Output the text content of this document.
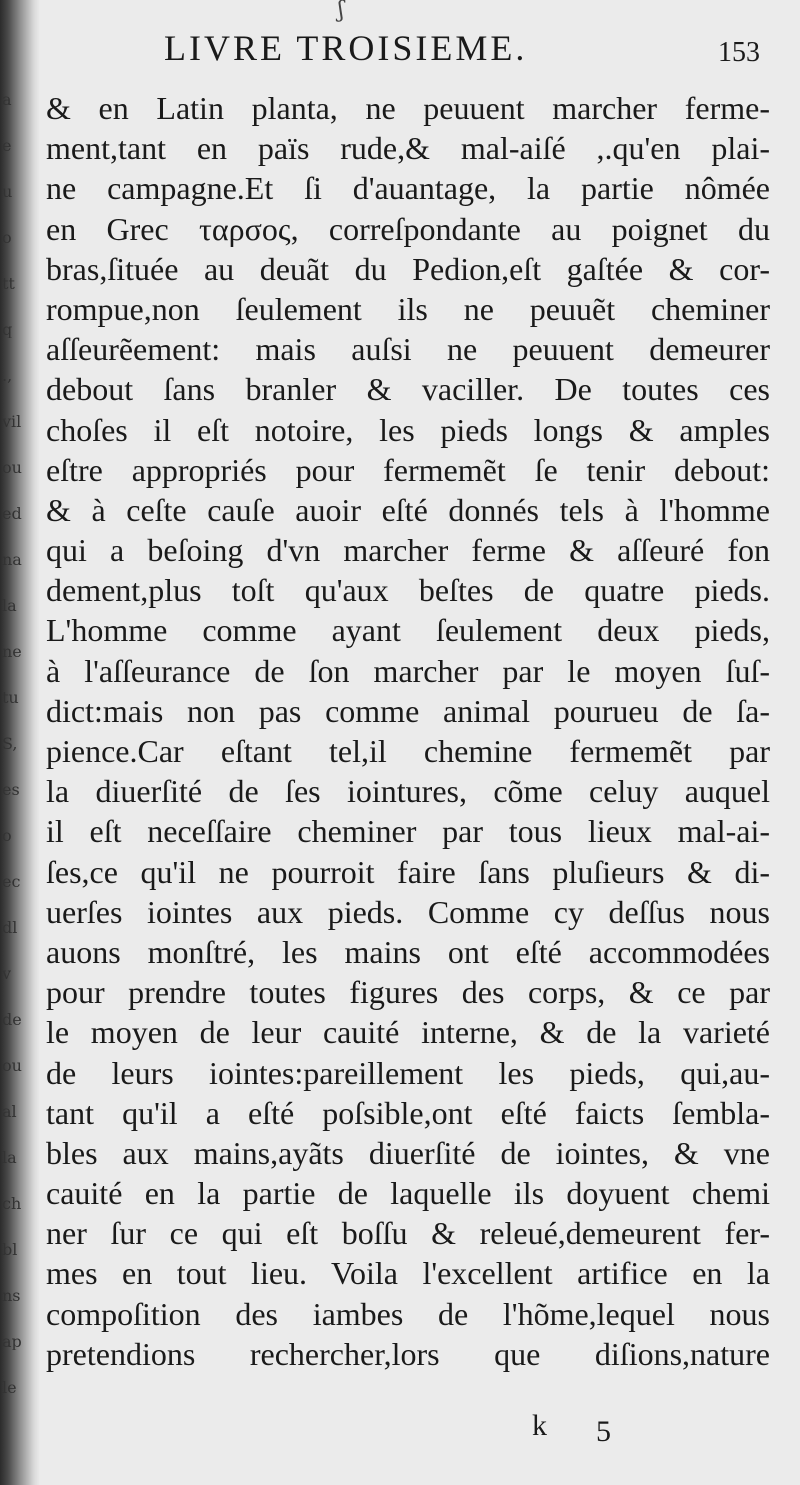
a
e
u
o
tt
q
.,
vil
ou
ed
na
la
ne
tu
S,
es
o
ec
dl
v
de
ou
al
la
ch
bl
ns
ap
le
ʃ
LIVRE TROISIEME.	153
& en Latin planta, ne peuuent marcher ferme-
ment,tant en païs rude,& mal-aiſé ,.qu'en plai-
ne campagne.Et ſi d'auantage, la partie nômée
en Grec ταρσος, correſpondante au poignet du
bras,ſituée au deuãt du Pedion,eſt gaſtée & cor-
rompue,non ſeulement ils ne peuuẽt cheminer
aſſeurẽement: mais auſsi ne peuuent demeurer
debout ſans branler & vaciller. De toutes ces
choſes il eſt notoire, les pieds longs & amples
eſtre appropriés pour fermemẽt ſe tenir debout:
& à ceſte cauſe auoir eſté donnés tels à l'homme
qui a beſoing d'vn marcher ferme & aſſeuré fon
dement,plus toſt qu'aux beſtes de quatre pieds.
L'homme comme ayant ſeulement deux pieds,
à l'aſſeurance de ſon marcher par le moyen ſuſ-
dict:mais non pas comme animal pourueu de ſa-
pience.Car eſtant tel,il chemine fermemẽt par
la diuerſité de ſes iointures, cõme celuy auquel
il eſt neceſſaire cheminer par tous lieux mal-ai-
ſes,ce qu'il ne pourroit faire ſans pluſieurs & di-
uerſes iointes aux pieds. Comme cy deſſus nous
auons monſtré, les mains ont eſté accommodées
pour prendre toutes figures des corps, & ce par
le moyen de leur cauité interne, & de la varieté
de leurs iointes:pareillement les pieds, qui,au-
tant qu'il a eſté poſsible,ont eſté faicts ſembla-
bles aux mains,ayãts diuerſité de iointes, & vne
cauité en la partie de laquelle ils doyuent chemi
ner ſur ce qui eſt boſſu & releué,demeurent fer-
mes en tout lieu. Voila l'excellent artifice en la
compoſition des iambes de l'hõme,lequel nous
pretendions rechercher,lors que diſions,nature
k 5
